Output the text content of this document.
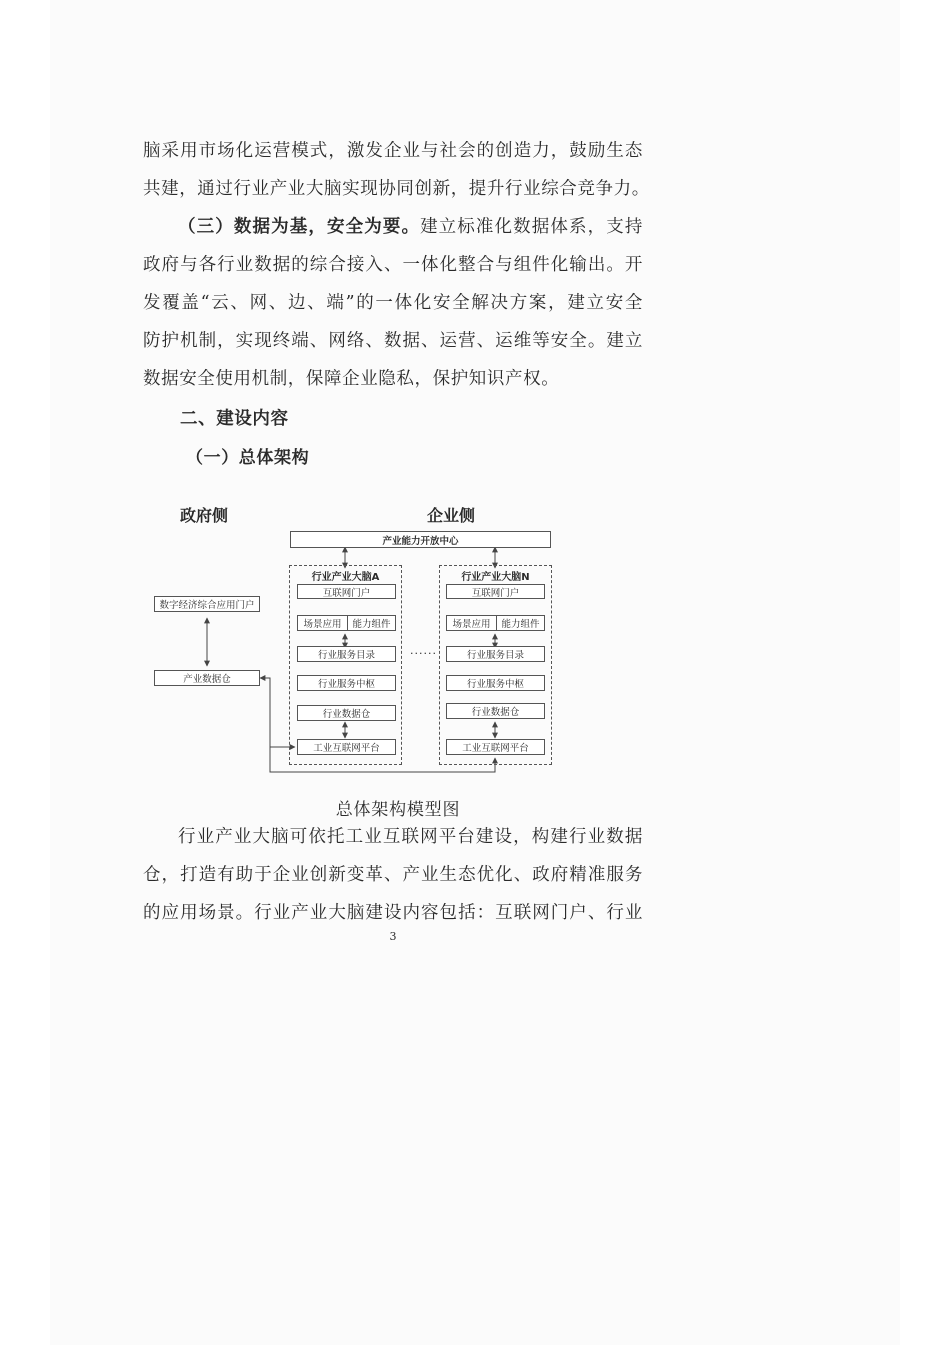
脑采用市场化运营模式，激发企业与社会的创造力，鼓励生态
共建，通过行业产业大脑实现协同创新，提升行业综合竞争力。

（三）数据为基，安全为要。建立标准化数据体系，支持
政府与各行业数据的综合接入、一体化整合与组件化输出。开
发覆盖“云、网、边、端”的一体化安全解决方案，建立安全
防护机制，实现终端、网络、数据、运营、运维等安全。建立
数据安全使用机制，保障企业隐私，保护知识产权。

二、建设内容
（一）总体架构
政府侧	企业侧
产业能力开放中心
数字经济综合应用门户
产业数据仓
......
行业产业大脑A
互联网门户
场景应用	能力组件
行业服务目录
行业服务中枢
行业数据仓
工业互联网平台
行业产业大脑N
互联网门户
场景应用	能力组件
行业服务目录
行业服务中枢
行业数据仓
工业互联网平台
总体架构模型图

行业产业大脑可依托工业互联网平台建设，构建行业数据
仓，打造有助于企业创新变革、产业生态优化、政府精准服务
的应用场景。行业产业大脑建设内容包括：互联网门户、行业

3
